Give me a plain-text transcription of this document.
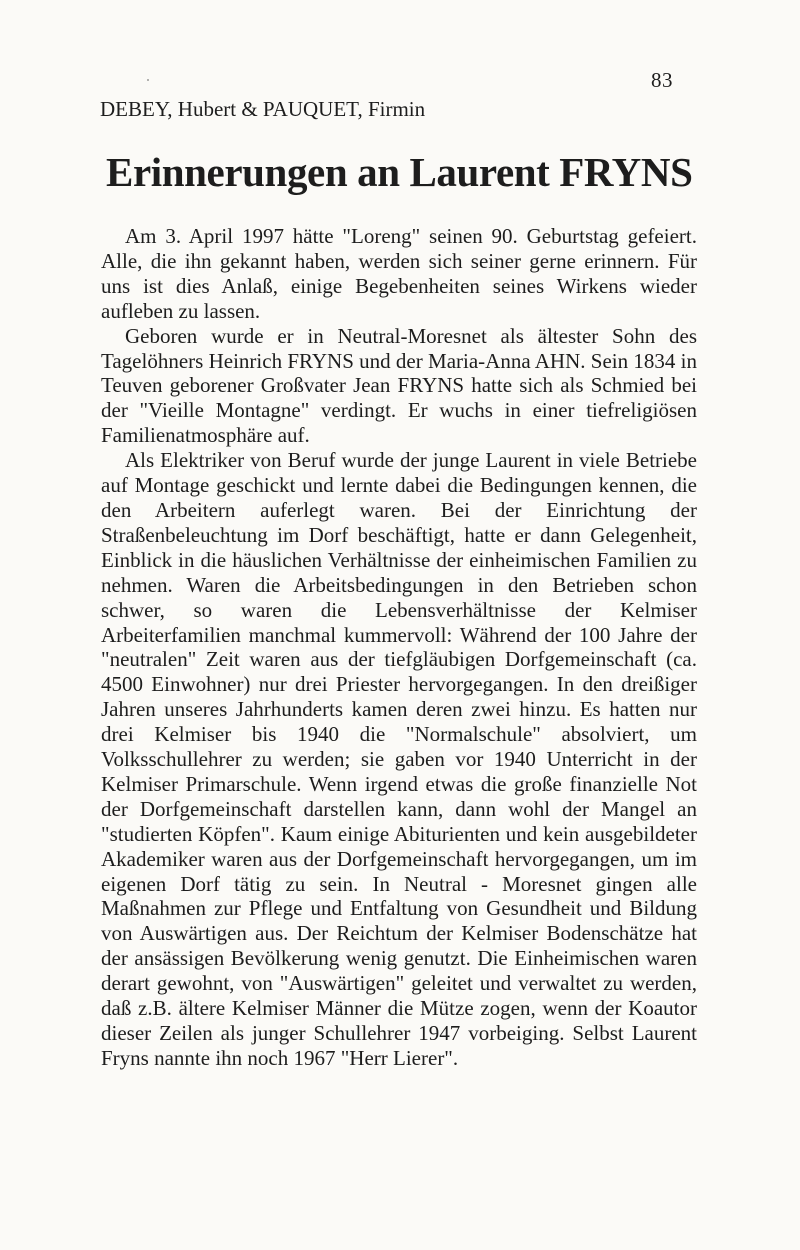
83
DEBEY, Hubert & PAUQUET, Firmin
Erinnerungen an Laurent FRYNS

Am 3. April 1997 hätte "Loreng" seinen 90. Geburtstag gefeiert. Alle, die ihn gekannt haben, werden sich seiner gerne erinnern. Für uns ist dies Anlaß, einige Begebenheiten seines Wirkens wieder aufleben zu lassen.

Geboren wurde er in Neutral-Moresnet als ältester Sohn des Tagelöhners Heinrich FRYNS und der Maria-Anna AHN. Sein 1834 in Teuven geborener Großvater Jean FRYNS hatte sich als Schmied bei der "Vieille Montagne" verdingt. Er wuchs in einer tiefreligiösen Familienatmosphäre auf.

Als Elektriker von Beruf wurde der junge Laurent in viele Betriebe auf Montage geschickt und lernte dabei die Bedingungen kennen, die den Arbeitern auferlegt waren. Bei der Einrichtung der Straßenbeleuchtung im Dorf beschäftigt, hatte er dann Gelegenheit, Einblick in die häuslichen Verhältnisse der einheimischen Familien zu nehmen. Waren die Arbeitsbedingungen in den Betrieben schon schwer, so waren die Lebensverhältnisse der Kelmiser Arbeiterfamilien manchmal kummervoll: Während der 100 Jahre der "neutralen" Zeit waren aus der tiefgläubigen Dorfgemeinschaft (ca. 4500 Einwohner) nur drei Priester hervorgegangen. In den dreißiger Jahren unseres Jahrhunderts kamen deren zwei hinzu. Es hatten nur drei Kelmiser bis 1940 die "Normalschule" absolviert, um Volksschullehrer zu werden; sie gaben vor 1940 Unterricht in der Kelmiser Primarschule. Wenn irgend etwas die große finanzielle Not der Dorfgemeinschaft darstellen kann, dann wohl der Mangel an "studierten Köpfen". Kaum einige Abiturienten und kein ausgebildeter Akademiker waren aus der Dorfgemeinschaft hervorgegangen, um im eigenen Dorf tätig zu sein. In Neutral - Moresnet gingen alle Maßnahmen zur Pflege und Entfaltung von Gesundheit und Bildung von Auswärtigen aus. Der Reichtum der Kelmiser Bodenschätze hat der ansässigen Bevölkerung wenig genutzt. Die Einheimischen waren derart gewohnt, von "Auswärtigen" geleitet und verwaltet zu werden, daß z.B. ältere Kelmiser Männer die Mütze zogen, wenn der Koautor dieser Zeilen als junger Schullehrer 1947 vorbeiging. Selbst Laurent Fryns nannte ihn noch 1967 "Herr Lierer".
